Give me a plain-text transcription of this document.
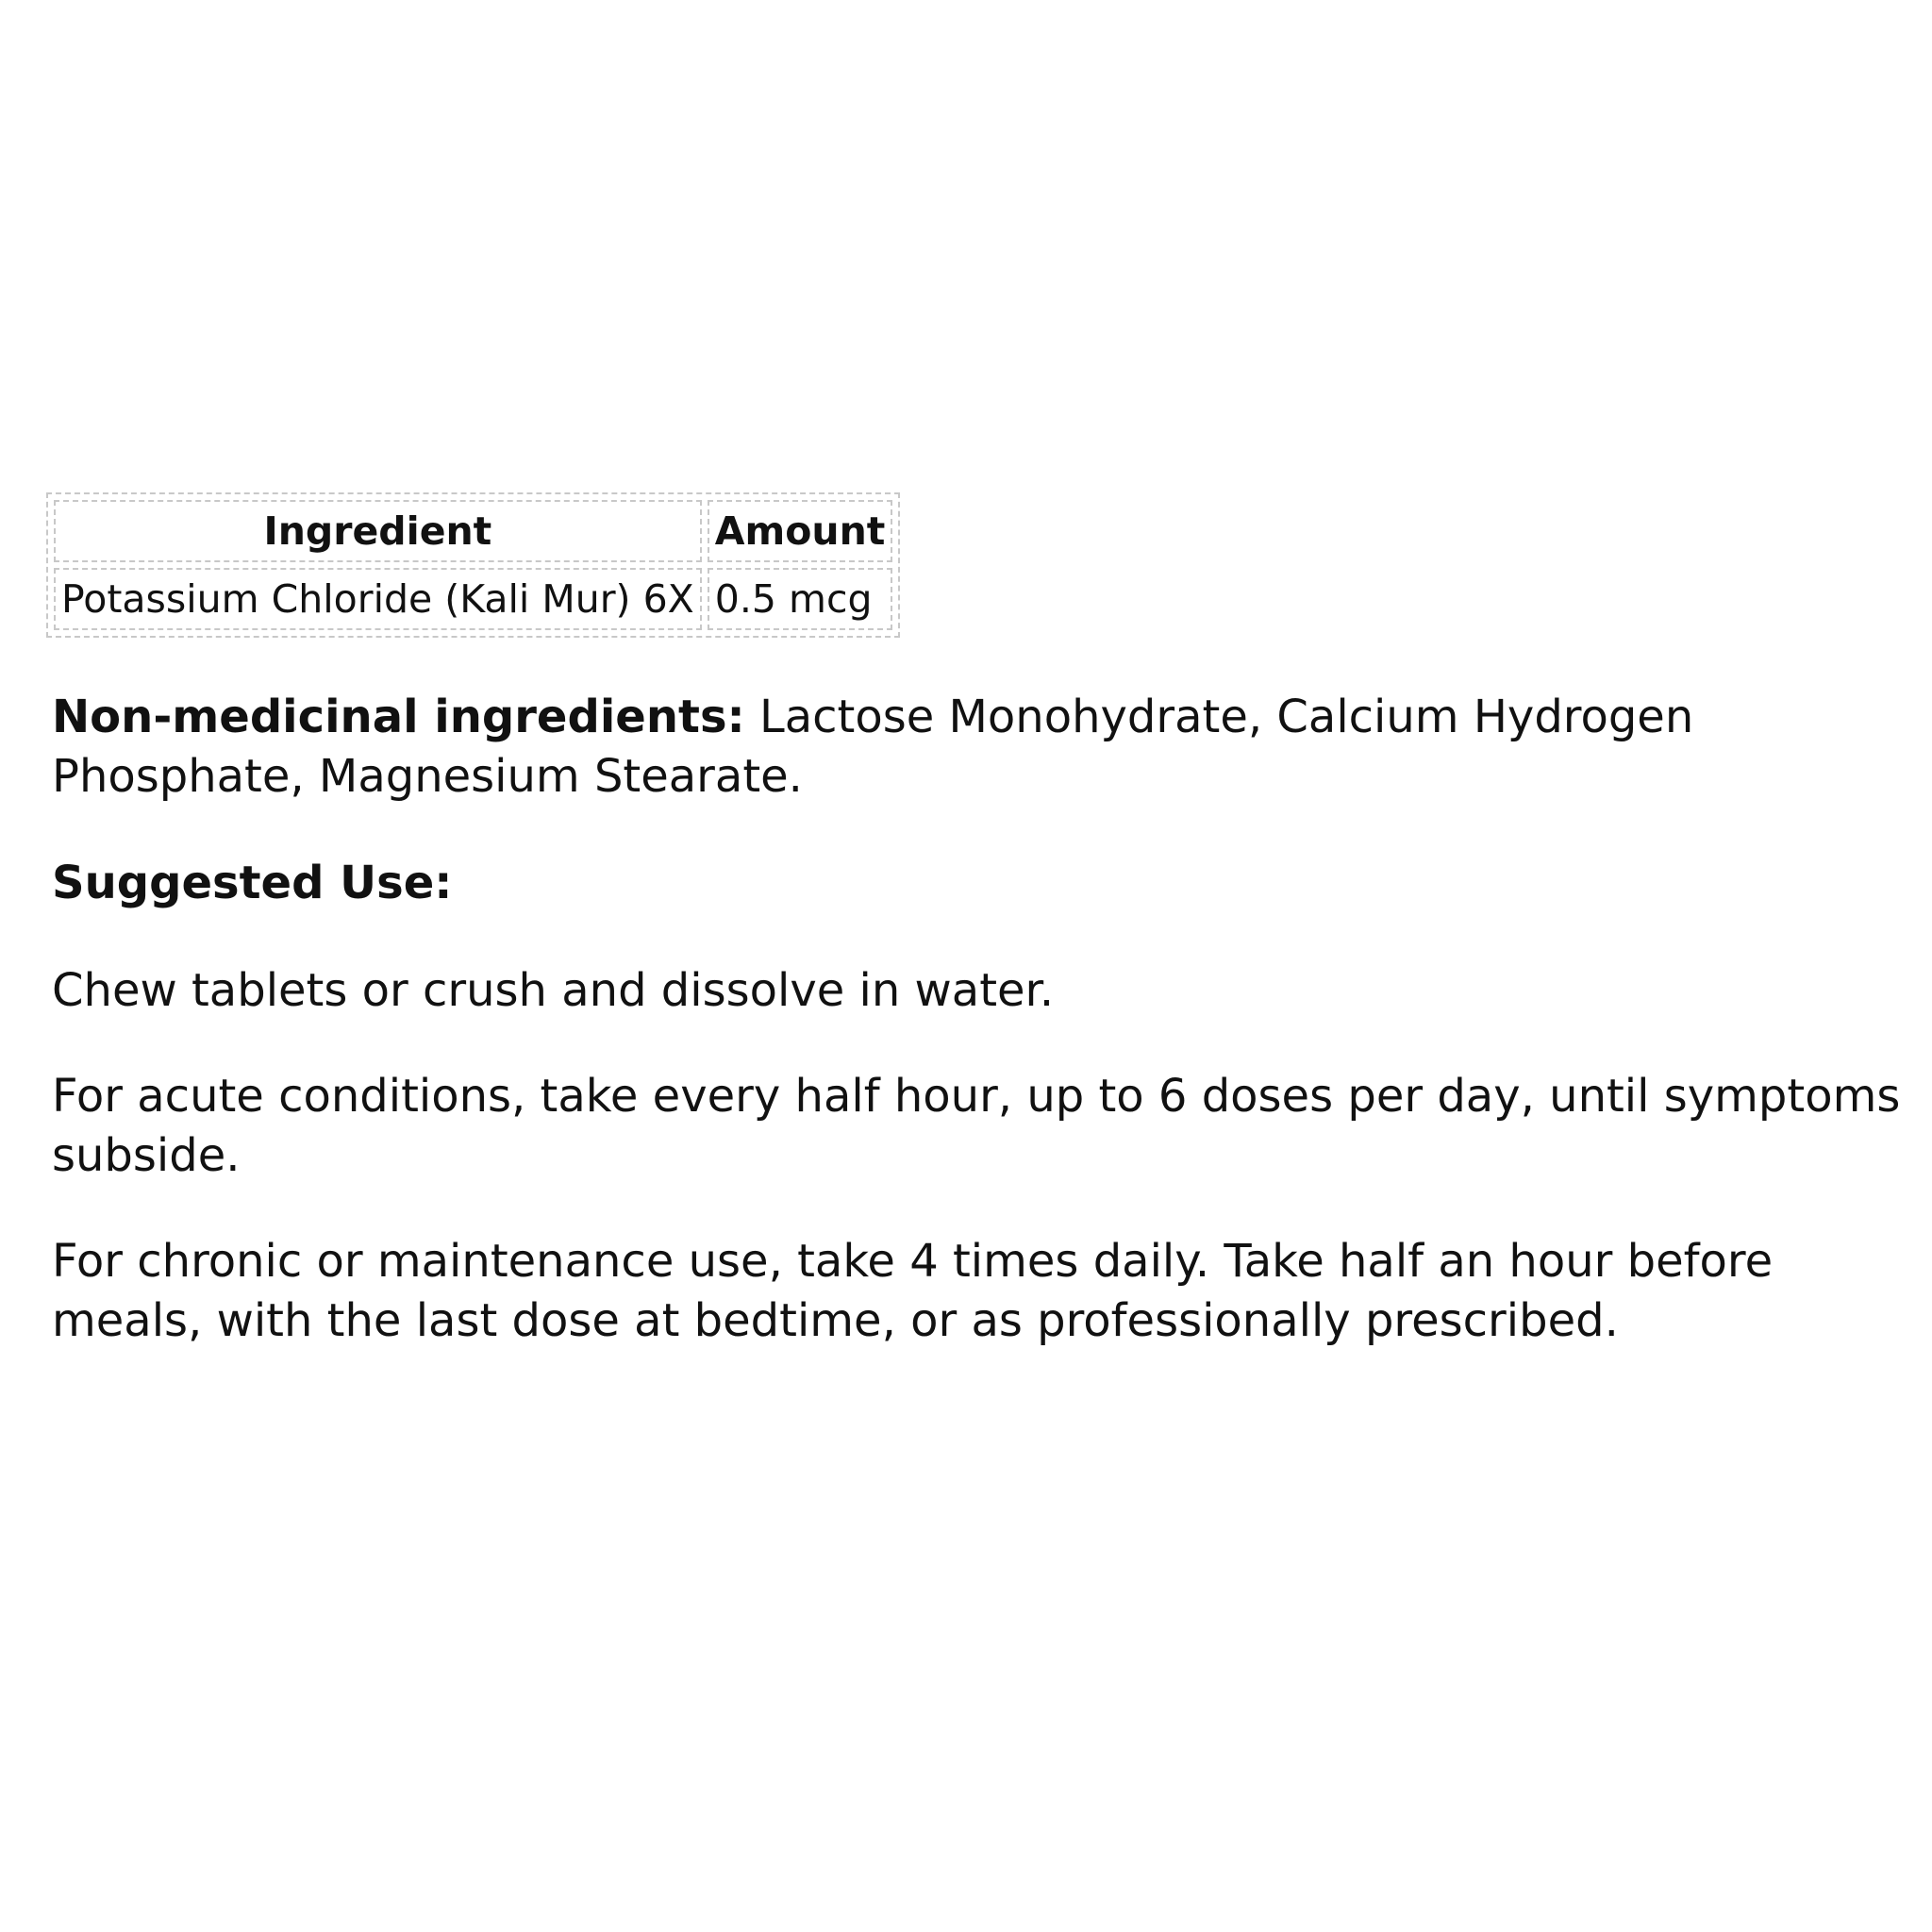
Ingredient	Amount
Potassium Chloride (Kali Mur) 6X	0.5 mcg

Non-medicinal ingredients: Lactose Monohydrate, Calcium Hydrogen Phosphate, Magnesium Stearate.

Suggested Use:

Chew tablets or crush and dissolve in water.

For acute conditions, take every half hour, up to 6 doses per day, until symptoms subside.

For chronic or maintenance use, take 4 times daily. Take half an hour before meals, with the last dose at bedtime, or as professionally prescribed.
